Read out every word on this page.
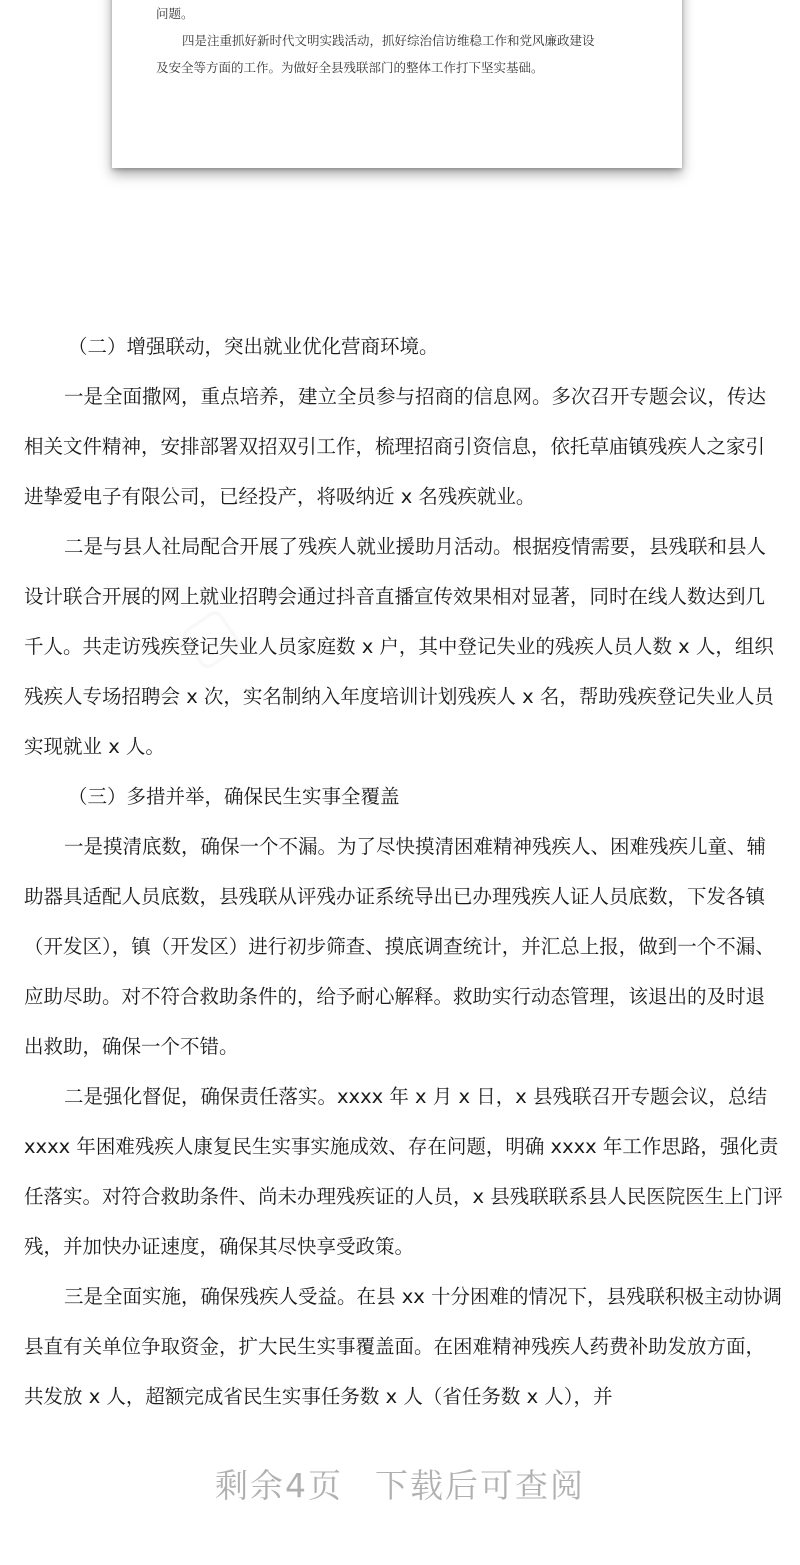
问题。

四是注重抓好新时代文明实践活动，抓好综治信访维稳工作和党风廉政建设

及安全等方面的工作。为做好全县残联部门的整体工作打下坚实基础。

▢

（二）增强联动，突出就业优化营商环境。

一是全面撒网，重点培养，建立全员参与招商的信息网。多次召开专题会议，传达相关文件精神，安排部署双招双引工作，梳理招商引资信息，依托草庙镇残疾人之家引进挚爱电子有限公司，已经投产，将吸纳近 x 名残疾就业。

二是与县人社局配合开展了残疾人就业援助月活动。根据疫情需要，县残联和县人设计联合开展的网上就业招聘会通过抖音直播宣传效果相对显著，同时在线人数达到几千人。共走访残疾登记失业人员家庭数 x 户，其中登记失业的残疾人员人数 x 人，组织残疾人专场招聘会 x 次，实名制纳入年度培训计划残疾人 x 名，帮助残疾登记失业人员实现就业 x 人。

（三）多措并举，确保民生实事全覆盖

一是摸清底数，确保一个不漏。为了尽快摸清困难精神残疾人、困难残疾儿童、辅助器具适配人员底数，县残联从评残办证系统导出已办理残疾人证人员底数，下发各镇（开发区），镇（开发区）进行初步筛查、摸底调查统计，并汇总上报，做到一个不漏、应助尽助。对不符合救助条件的，给予耐心解释。救助实行动态管理，该退出的及时退出救助，确保一个不错。

二是强化督促，确保责任落实。xxxx 年 x 月 x 日，x 县残联召开专题会议，总结 xxxx 年困难残疾人康复民生实事实施成效、存在问题，明确 xxxx 年工作思路，强化责任落实。对符合救助条件、尚未办理残疾证的人员，x 县残联联系县人民医院医生上门评残，并加快办证速度，确保其尽快享受政策。

三是全面实施，确保残疾人受益。在县 xx 十分困难的情况下，县残联积极主动协调县直有关单位争取资金，扩大民生实事覆盖面。在困难精神残疾人药费补助发放方面，共发放 x 人，超额完成省民生实事任务数 x 人（省任务数 x 人），并

剩余4页 下载后可查阅
